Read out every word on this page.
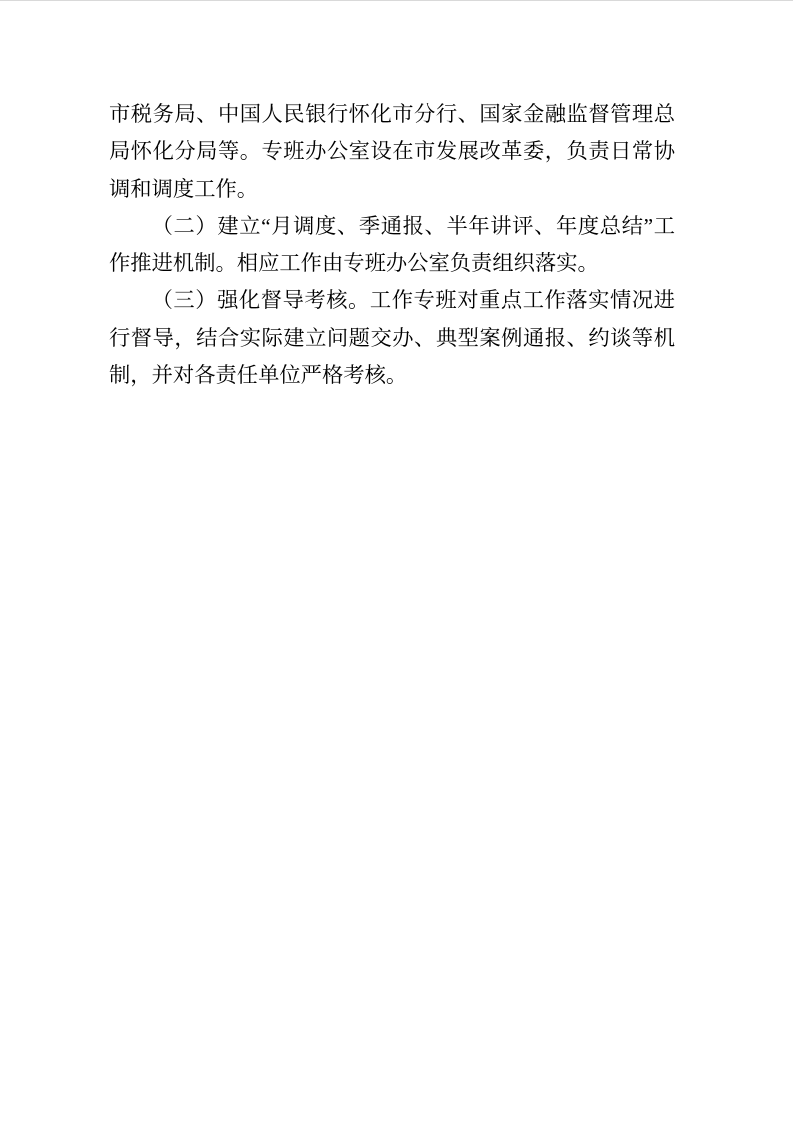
市税务局、中国人民银行怀化市分行、国家金融监督管理总局怀化分局等。专班办公室设在市发展改革委，负责日常协调和调度工作。

（二）建立“月调度、季通报、半年讲评、年度总结”工作推进机制。相应工作由专班办公室负责组织落实。

（三）强化督导考核。工作专班对重点工作落实情况进行督导，结合实际建立问题交办、典型案例通报、约谈等机制，并对各责任单位严格考核。
